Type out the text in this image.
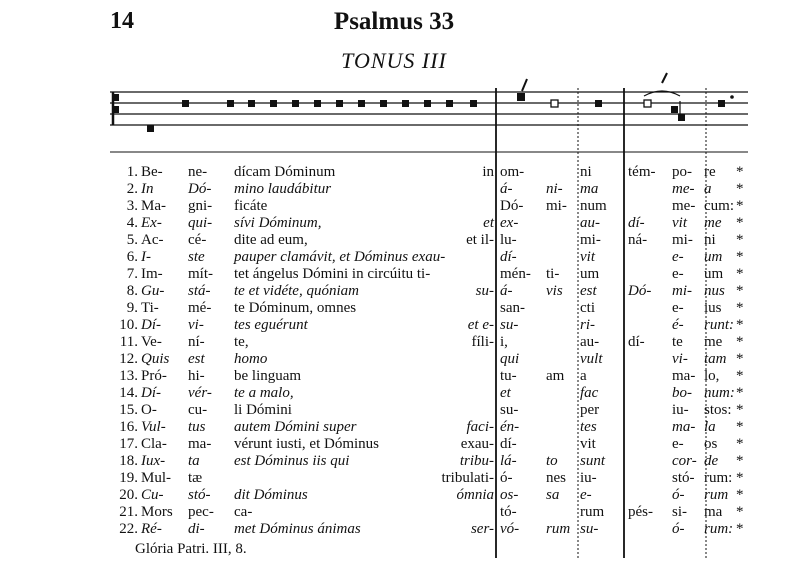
14	Psalmus 33
TONUS III
1. Be- ne- dícam Dóminum	in om-	ni tém- po- re *
2. In Dó- mino laudábitur	á- ni- ma	me- a *
3. Ma- gni- ficáte	Dó- mi- num	me- cum: *
4. Ex- qui- sívi Dóminum,	et ex-	au- dí- vit me *
5. Ac- cé- dite ad eum,	et il- lu-	mi- ná- mi- ni *
6. I- ste pauper clamávit, et Dóminus exau-	dí-	vit	e- um *
7. Im- mít- tet ángelus Dómini in circúitu ti-	mén- ti- um	e- um *
8. Gu- stá- te et vidéte, quóniam	su- á- vis est Dó- mi- nus *
9. Ti- mé- te Dóminum, omnes	san-	cti	e- ius *
10. Dí- vi- tes eguérunt	et e- su-	ri-	é- runt: *
11. Ve- ní- te,	fíli- i,	au- dí- te me *
12. Quis est homo	qui	vult	vi- tam *
13. Pró- hi- be linguam	tu- am a	ma- lo, *
14. Dí- vér- te a malo,	et	fac	bo- num: *
15. O- cu- li Dómini	su-	per	iu- stos: *
16. Vul- tus autem Dómini super	faci- én-	tes	ma- la *
17. Cla- ma- vérunt iusti, et Dóminus	exau- dí-	vit	e- os *
18. Iux- ta est Dóminus iis qui	tribu- lá- to sunt	cor- de *
19. Mul- tæ	tribulati- ó- nes iu-	stó- rum: *
20. Cu- stó- dit Dóminus	ómnia os- sa e-	ó- rum *
21. Mors pec- ca-	tó-	rum pés- si- ma *
22. Ré- di- met Dóminus ánimas	ser- vó- rum su-	ó- rum: *
Glória Patri. III, 8.
